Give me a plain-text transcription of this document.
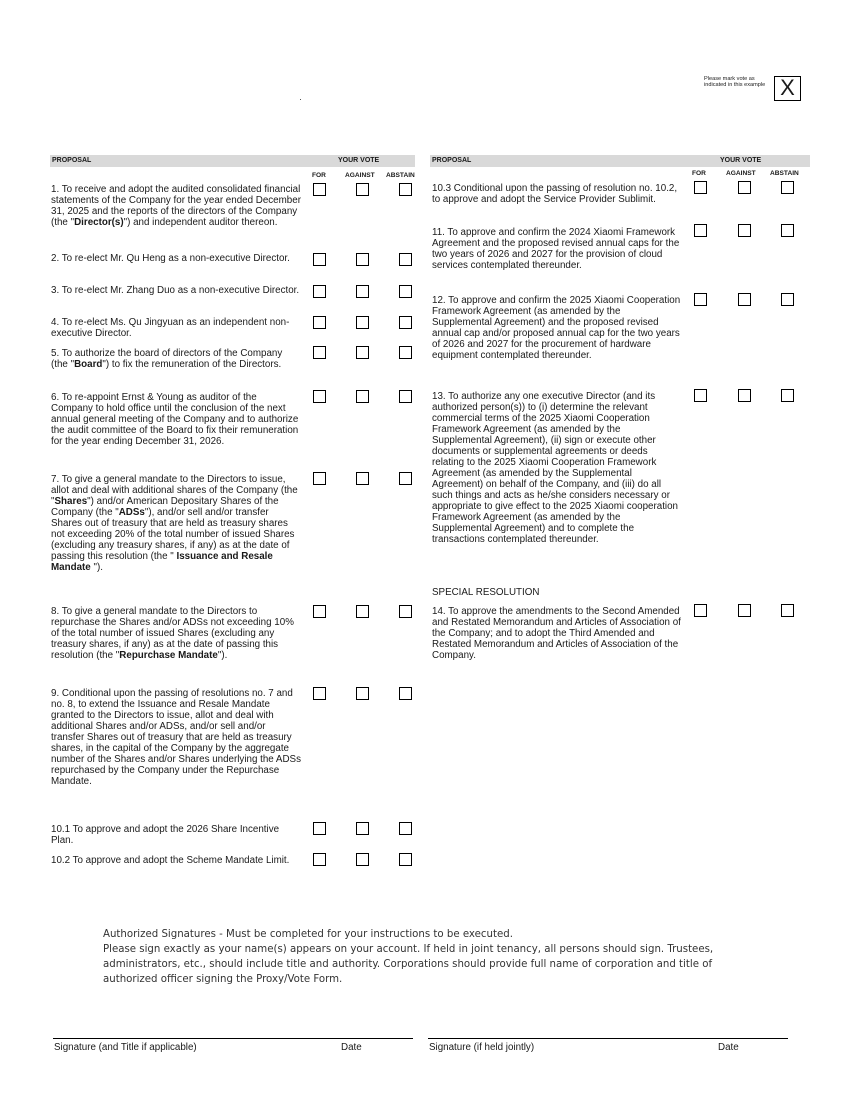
Please mark vote as indicated in this example X
PROPOSAL	YOUR VOTE	PROPOSAL	YOUR VOTE
FOR	AGAINST ABSTAIN	FOR	AGAINST ABSTAIN
1. To receive and adopt the audited consolidated financial statements of the Company for the year ended December 31, 2025 and the reports of the directors of the Company (the "Director(s)") and independent auditor thereon.
2. To re-elect Mr. Qu Heng as a non-executive Director.
3. To re-elect Mr. Zhang Duo as a non-executive Director.
4. To re-elect Ms. Qu Jingyuan as an independent non-executive Director.
5. To authorize the board of directors of the Company (the "Board") to fix the remuneration of the Directors.
6. To re-appoint Ernst & Young as auditor of the Company to hold office until the conclusion of the next annual general meeting of the Company and to authorize the audit committee of the Board to fix their remuneration for the year ending December 31, 2026.
7. To give a general mandate to the Directors to issue, allot and deal with additional shares of the Company (the "Shares") and/or American Depositary Shares of the Company (the "ADSs"), and/or sell and/or transfer Shares out of treasury that are held as treasury shares not exceeding 20% of the total number of issued Shares (excluding any treasury shares, if any) as at the date of passing this resolution (the " Issuance and Resale Mandate ").
8. To give a general mandate to the Directors to repurchase the Shares and/or ADSs not exceeding 10% of the total number of issued Shares (excluding any treasury shares, if any) as at the date of passing this resolution (the "Repurchase Mandate").
9. Conditional upon the passing of resolutions no. 7 and no. 8, to extend the Issuance and Resale Mandate granted to the Directors to issue, allot and deal with additional Shares and/or ADSs, and/or sell and/or transfer Shares out of treasury that are held as treasury shares, in the capital of the Company by the aggregate number of the Shares and/or Shares underlying the ADSs repurchased by the Company under the Repurchase Mandate.
10.1 To approve and adopt the 2026 Share Incentive Plan.
10.2 To approve and adopt the Scheme Mandate Limit.
10.3 Conditional upon the passing of resolution no. 10.2, to approve and adopt the Service Provider Sublimit.
11. To approve and confirm the 2024 Xiaomi Framework Agreement and the proposed revised annual caps for the two years of 2026 and 2027 for the provision of cloud services contemplated thereunder.
12. To approve and confirm the 2025 Xiaomi Cooperation Framework Agreement (as amended by the Supplemental Agreement) and the proposed revised annual cap and/or proposed annual cap for the two years of 2026 and 2027 for the procurement of hardware equipment contemplated thereunder.
13. To authorize any one executive Director (and its authorized person(s)) to (i) determine the relevant commercial terms of the 2025 Xiaomi Cooperation Framework Agreement (as amended by the Supplemental Agreement), (ii) sign or execute other documents or supplemental agreements or deeds relating to the 2025 Xiaomi Cooperation Framework Agreement (as amended by the Supplemental Agreement) on behalf of the Company, and (iii) do all such things and acts as he/she considers necessary or appropriate to give effect to the 2025 Xiaomi cooperation Framework Agreement (as amended by the Supplemental Agreement) and to complete the transactions contemplated thereunder.
SPECIAL RESOLUTION
14. To approve the amendments to the Second Amended and Restated Memorandum and Articles of Association of the Company; and to adopt the Third Amended and Restated Memorandum and Articles of Association of the Company.
Authorized Signatures - Must be completed for your instructions to be executed.
Please sign exactly as your name(s) appears on your account. If held in joint tenancy, all persons should sign. Trustees, administrators, etc., should include title and authority. Corporations should provide full name of corporation and title of authorized officer signing the Proxy/Vote Form.
Signature (and Title if applicable)	Date	Signature (if held jointly)	Date
